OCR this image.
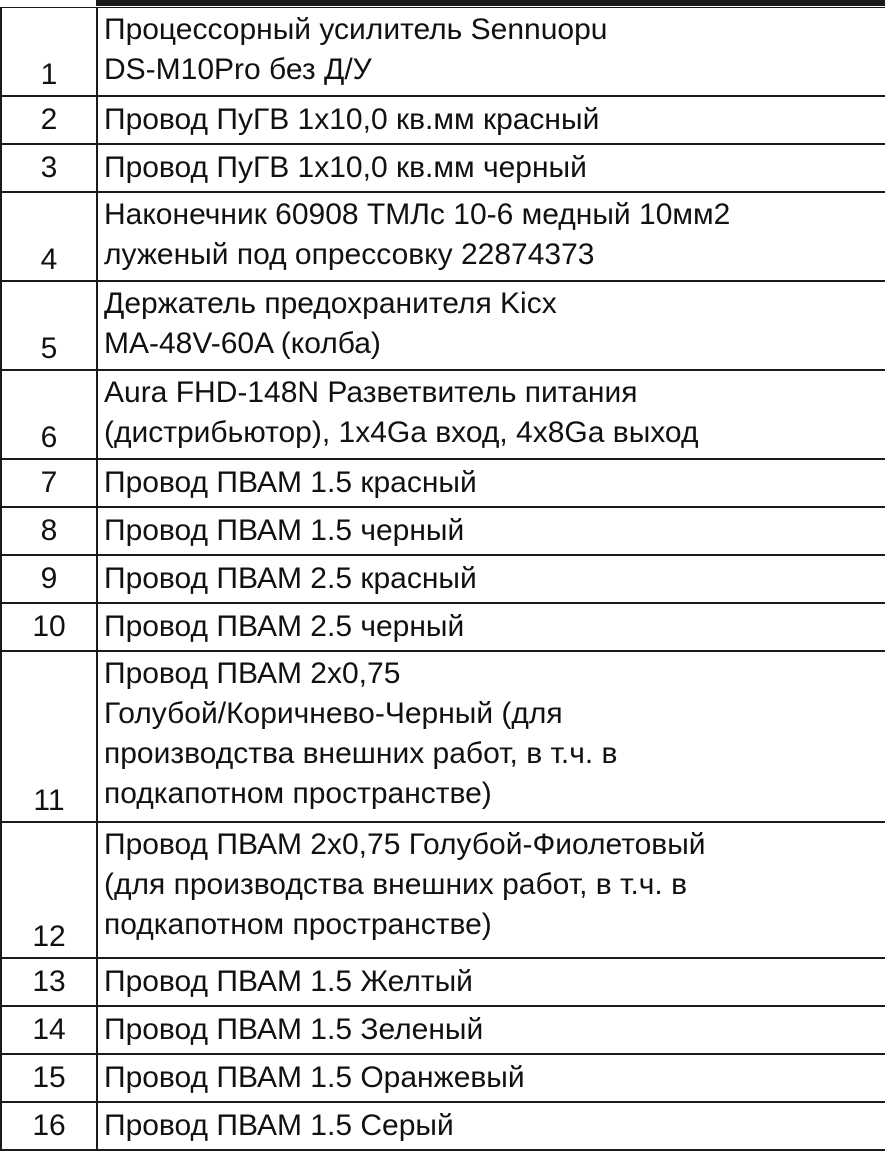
1	Процессорный усилитель Sennuopu
DS-M10Pro без Д/У
2	Провод ПуГВ 1х10,0 кв.мм красный
3	Провод ПуГВ 1х10,0 кв.мм черный
4	Наконечник 60908 ТМЛс 10-6 медный 10мм2
луженый под опрессовку 22874373
5	Держатель предохранителя Kicx
MA-48V-60A (колба)
6	Aura FHD-148N Разветвитель питания
(дистрибьютор), 1x4Ga вход, 4x8Ga выход
7	Провод ПВАМ 1.5 красный
8	Провод ПВАМ 1.5 черный
9	Провод ПВАМ 2.5 красный
10	Провод ПВАМ 2.5 черный
11	Провод ПВАМ 2х0,75
Голубой/Коричнево-Черный (для
производства внешних работ, в т.ч. в
подкапотном пространстве)
12	Провод ПВАМ 2х0,75 Голубой-Фиолетовый
(для производства внешних работ, в т.ч. в
подкапотном пространстве)
13	Провод ПВАМ 1.5 Желтый
14	Провод ПВАМ 1.5 Зеленый
15	Провод ПВАМ 1.5 Оранжевый
16	Провод ПВАМ 1.5 Серый
